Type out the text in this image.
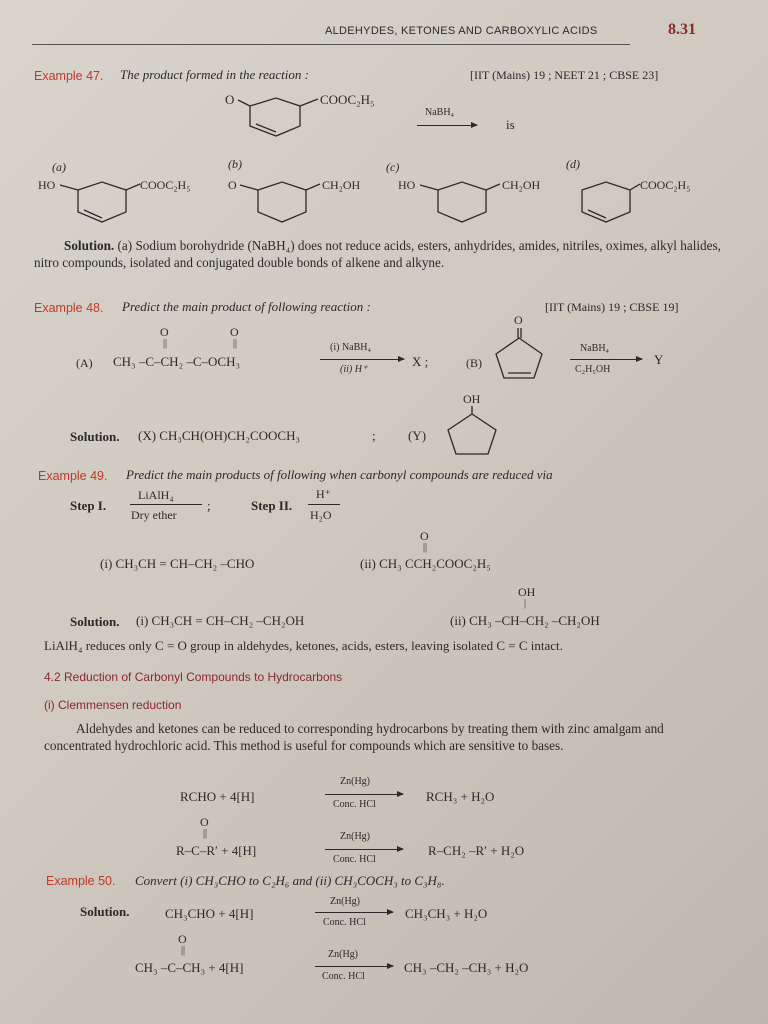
ALDEHYDES, KETONES AND CARBOXYLIC ACIDS	8.31
Example 47. The product formed in the reaction :	[IIT (Mains) 19 ; NEET 21 ; CBSE 23]
O	COOC₂H₅
NaBH₄
is
(a)
HO	COOC₂H₅
(b)
O	CH₂OH
(c)
HO	CH₂OH
(d)
COOC₂H₅
Solution. (a) Sodium borohydride (NaBH₄) does not reduce acids, esters, anhydrides, amides, nitriles, oximes, alkyl halides, nitro compounds, isolated and conjugated double bonds of alkene and alkyne.
Example 48. Predict the main product of following reaction :	[IIT (Mains) 19 ; CBSE 19]
O	O
||	||
(A) CH₃ –C–CH₂ –C–OCH₃
(i) NaBH₄
(ii) H⁺
X ;	(B)
O
NaBH₄
C₂H₅OH
Y
OH
Solution. (X) CH₃CH(OH)CH₂COOCH₃	; (Y)
Example 49. Predict the main products of following when carbonyl compounds are reduced via
Step I.
LiAlH₄
Dry ether
;	Step II.
H⁺
H₂O
(i) CH₃CH = CH–CH₂ –CHO
O
||
(ii) CH₃ CCH₂COOC₂H₅
OH
|
Solution. (i) CH₃CH = CH–CH₂ –CH₂OH	(ii) CH₃ –CH–CH₂ –CH₂OH
LiAlH₄ reduces only C = O group in aldehydes, ketones, acids, esters, leaving isolated C = C intact.
4.2 Reduction of Carbonyl Compounds to Hydrocarbons
(i) Clemmensen reduction
Aldehydes and ketones can be reduced to corresponding hydrocarbons by treating them with zinc amalgam and concentrated hydrochloric acid. This method is useful for compounds which are sensitive to bases.
RCHO + 4[H]
Zn(Hg)
Conc. HCl
RCH₃ + H₂O
O
||
R–C–R′ + 4[H]
Zn(Hg)
Conc. HCl
R–CH₂ –R′ + H₂O
Example 50. Convert (i) CH₃CHO to C₂H₆ and (ii) CH₃COCH₃ to C₃H₈.
Solution.	CH₃CHO + 4[H]
Zn(Hg)
Conc. HCl
CH₃CH₃ + H₂O
O
||
CH₃ –C–CH₃ + 4[H]
Zn(Hg)
Conc. HCl
CH₃ –CH₂ –CH₃ + H₂O
